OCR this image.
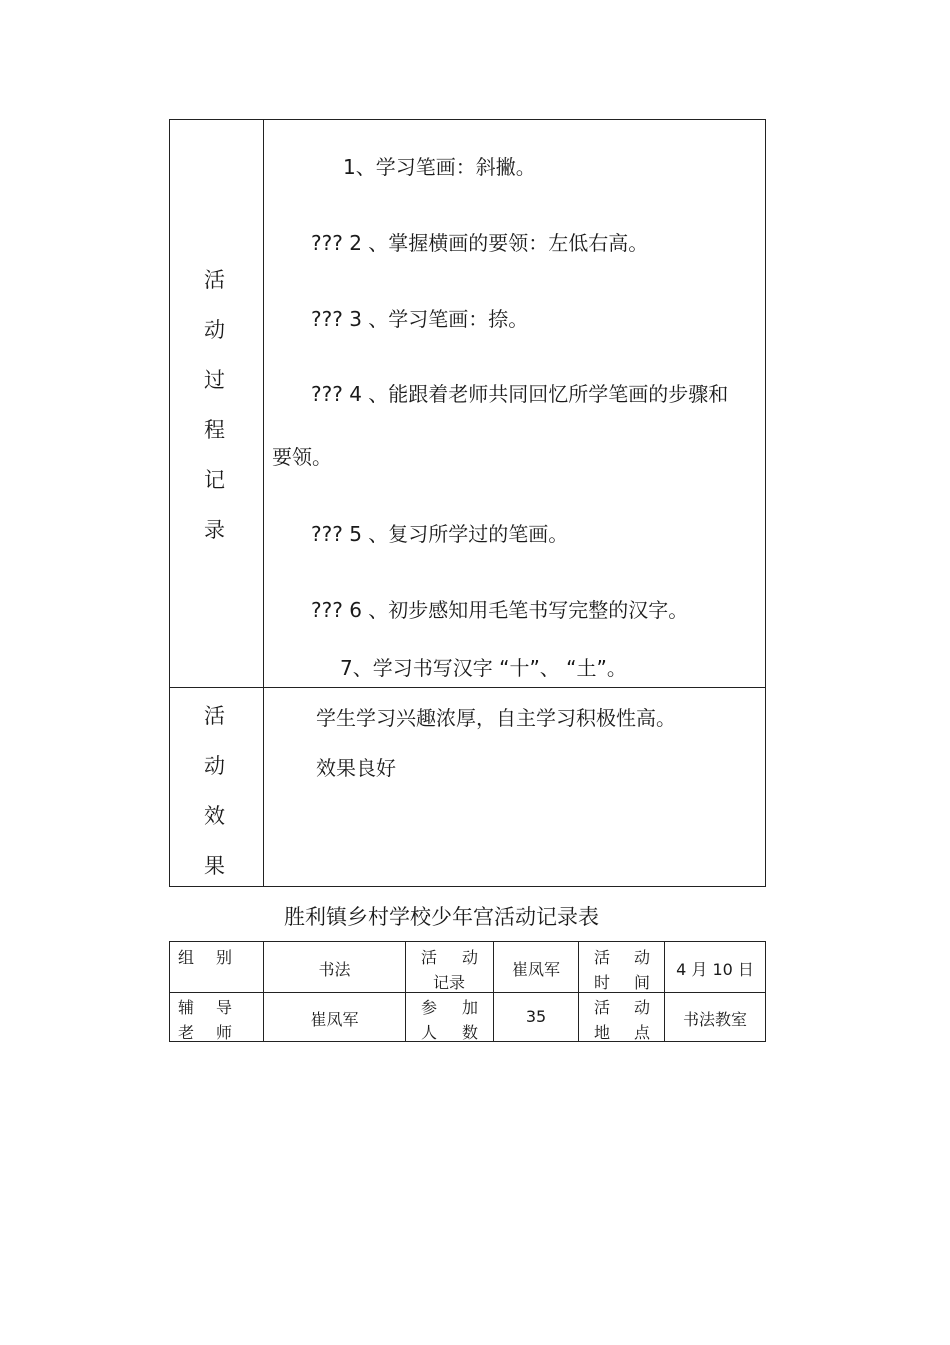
活
动
过
程
记
录
1、学习笔画：斜撇。
??? 2 、掌握横画的要领：左低右高。
??? 3 、学习笔画：捺。
??? 4 、能跟着老师共同回忆所学笔画的步骤和
要领。
??? 5 、复习所学过的笔画。
??? 6 、初步感知用毛笔书写完整的汉字。
7、学习书写汉字 “十”、 “土”。
活
动
效
果
学生学习兴趣浓厚，自主学习积极性高。
效果良好
胜利镇乡村学校少年宫活动记录表
组 别
书法
活 动
记录
崔凤军
活 动
时 间
4 月 10 日
辅 导
老 师
崔凤军
参 加
人 数
35	活 动
地 点
书法教室
